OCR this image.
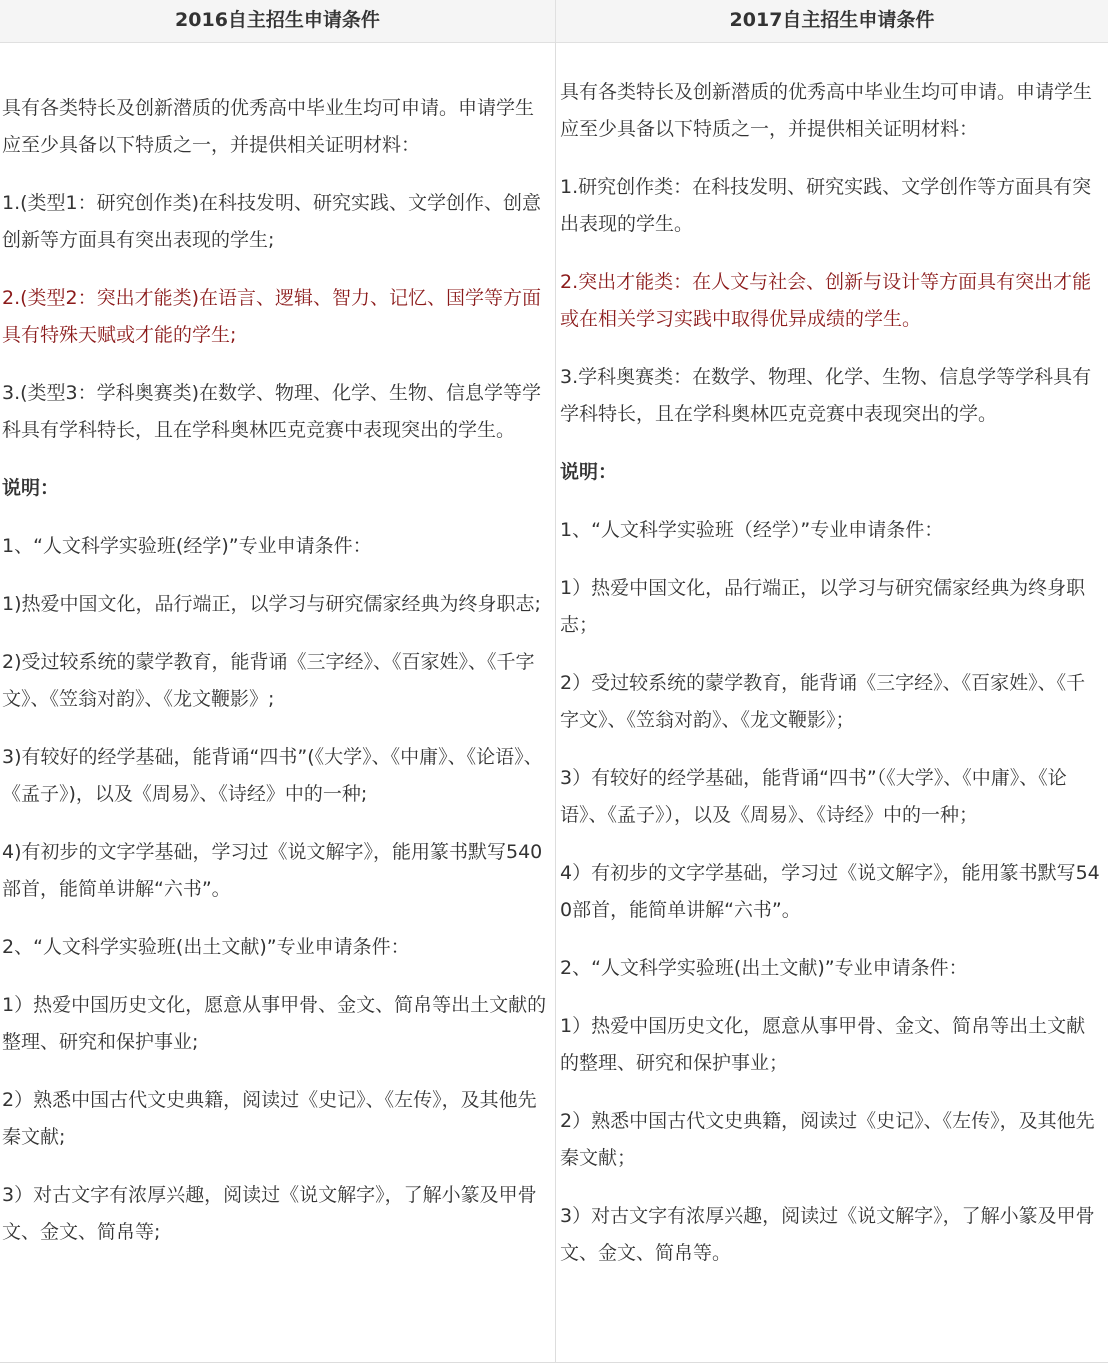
2016自主招生申请条件	2017自主招生申请条件

具有各类特长及创新潜质的优秀高中毕业生均可申请。申请学生应至少具备以下特质之一，并提供相关证明材料：

1.(类型1：研究创作类)在科技发明、研究实践、文学创作、创意创新等方面具有突出表现的学生;

2.(类型2：突出才能类)在语言、逻辑、智力、记忆、国学等方面具有特殊天赋或才能的学生;

3.(类型3：学科奥赛类)在数学、物理、化学、生物、信息学等学科具有学科特长，且在学科奥林匹克竞赛中表现突出的学生。

说明：

1、“人文科学实验班(经学)”专业申请条件：

1)热爱中国文化，品行端正，以学习与研究儒家经典为终身职志;

2)受过较系统的蒙学教育，能背诵《三字经》、《百家姓》、《千字文》、《笠翁对韵》、《龙文鞭影》;

3)有较好的经学基础，能背诵“四书”(《大学》、《中庸》、《论语》、《孟子》)，以及《周易》、《诗经》中的一种;

4)有初步的文字学基础，学习过《说文解字》，能用篆书默写540部首，能简单讲解“六书”。

2、“人文科学实验班(出土文献)”专业申请条件：

1）热爱中国历史文化，愿意从事甲骨、金文、简帛等出土文献的整理、研究和保护事业;

2）熟悉中国古代文史典籍，阅读过《史记》、《左传》，及其他先秦文献;

3）对古文字有浓厚兴趣，阅读过《说文解字》，了解小篆及甲骨文、金文、简帛等;

具有各类特长及创新潜质的优秀高中毕业生均可申请。申请学生应至少具备以下特质之一，并提供相关证明材料：

1.研究创作类：在科技发明、研究实践、文学创作等方面具有突出表现的学生。

2.突出才能类：在人文与社会、创新与设计等方面具有突出才能或在相关学习实践中取得优异成绩的学生。

3.学科奥赛类：在数学、物理、化学、生物、信息学等学科具有学科特长，且在学科奥林匹克竞赛中表现突出的学。

说明：

1、“人文科学实验班（经学）”专业申请条件：

1）热爱中国文化，品行端正，以学习与研究儒家经典为终身职志；

2）受过较系统的蒙学教育，能背诵《三字经》、《百家姓》、《千字文》、《笠翁对韵》、《龙文鞭影》；

3）有较好的经学基础，能背诵“四书”（《大学》、《中庸》、《论语》、《孟子》），以及《周易》、《诗经》中的一种；

4）有初步的文字学基础，学习过《说文解字》，能用篆书默写540部首，能简单讲解“六书”。

2、“人文科学实验班(出土文献)”专业申请条件：

1）热爱中国历史文化，愿意从事甲骨、金文、简帛等出土文献的整理、研究和保护事业；

2）熟悉中国古代文史典籍，阅读过《史记》、《左传》，及其他先秦文献；

3）对古文字有浓厚兴趣，阅读过《说文解字》，了解小篆及甲骨文、金文、简帛等。
